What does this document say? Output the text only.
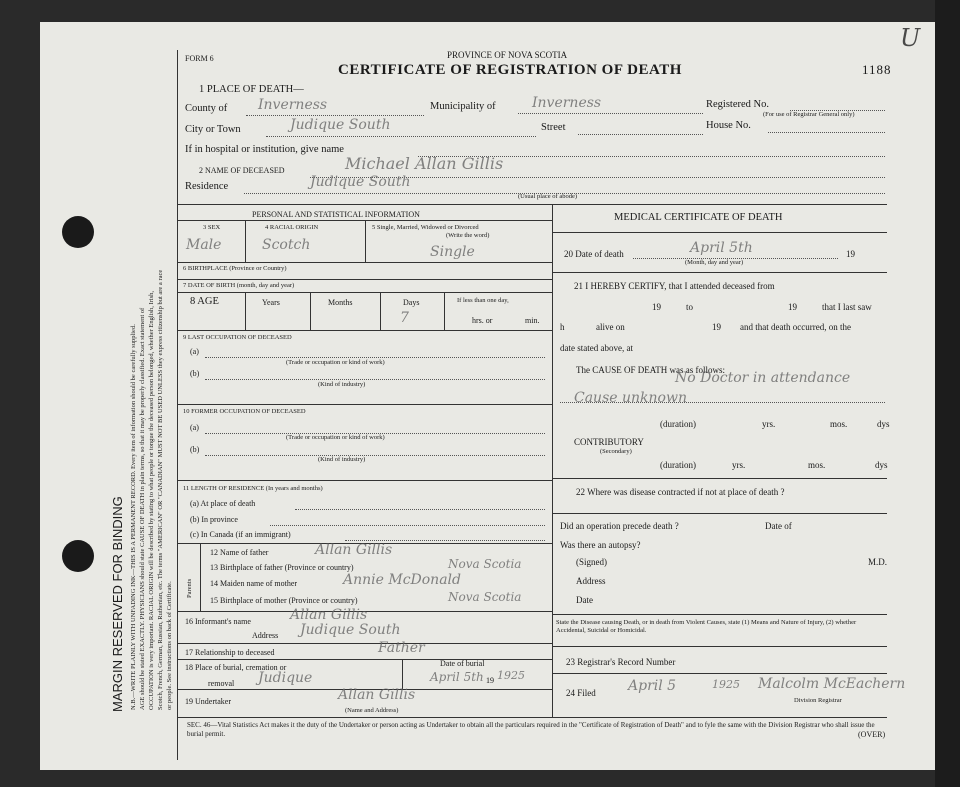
MARGIN RESERVED FOR BINDING N.B.—WRITE PLAINLY WITH UNFADING INK—THIS IS A PERMANENT RECORD. Every item of information should be carefully supplied. AGE should be stated EXACTLY. PHYSICIANS should state CAUSE OF DEATH in plain terms, so that it may be properly classified. Exact statement of OCCUPATION is very important. RACIAL ORIGIN will be described by stating to what people or tongue the deceased person belonged, whether English, Irish, Scotch, French, German, Russian, Ruthenian, etc. The terms "AMERICAN" OR "CANADIAN" MUST NOT BE USED UNLESS they express citizenship but are a race or people. See instructions on back of Certificate.
FORM 6	PROVINCE OF NOVA SCOTIA
CERTIFICATE OF REGISTRATION OF DEATH	1188
U
1 PLACE OF DEATH—
County of Inverness	Municipality of	Inverness	Registered No.
(For use of Registrar General only)
City or Town	Judique South	Street	House No.
If in hospital or institution, give name
2 NAME OF DECEASED	Michael Allan Gillis
Residence	Judique South
(Usual place of abode)
PERSONAL AND STATISTICAL INFORMATION
3 SEX
Male
4 RACIAL ORIGIN
Scotch
5 Single, Married, Widowed or Divorced
(Write the word)
Single
6 BIRTHPLACE (Province or Country)
7 DATE OF BIRTH (month, day and year)
8 AGE	Years	Months	Days
7
If less than one day,
hrs. or	min.
9 LAST OCCUPATION OF DECEASED
(a)
(Trade or occupation or kind of work)
(b)
(Kind of industry)
10 FORMER OCCUPATION OF DECEASED
(a)
(Trade or occupation or kind of work)
(b)
(Kind of industry)
11 LENGTH OF RESIDENCE (In years and months)
(a) At place of death
(b) In province
(c) In Canada (if an immigrant)
Parents
12 Name of father	Allan Gillis
13 Birthplace of father (Province or country)	Nova Scotia
14 Maiden name of mother	Annie McDonald
15 Birthplace of mother (Province or country)	Nova Scotia
16 Informant's name	Allan Gillis
Address Judique South
17 Relationship to deceased	Father
18 Place of burial, cremation or
removal Judique
Date of burial
April 5th 19 1925
19 Undertaker	Allan Gillis
(Name and Address)
MEDICAL CERTIFICATE OF DEATH
20 Date of death	April 5th	19
(Month, day and year)
21 I HEREBY CERTIFY, that I attended deceased from
19	to	19	that I last saw
h	alive on	19 and that death occurred, on the
date stated above, at
The CAUSE OF DEATH was as follows:
No Doctor in attendance
Cause unknown
(duration)	yrs.	mos.	dys
CONTRIBUTORY
(Secondary)
(duration)	yrs.	mos.	dys
22 Where was disease contracted if not at place of death ?
Did an operation precede death ?	Date of
Was there an autopsy?
(Signed)	M.D.
Address
Date
State the Disease causing Death, or in death from Violent Causes, state (1) Means and Nature of Injury, (2) whether Accidental, Suicidal or Homicidal.
23 Registrar's Record Number
24 Filed April 5	1925 Malcolm McEachern
Division Registrar
SEC. 46—Vital Statistics Act makes it the duty of the Undertaker or person acting as Undertaker to obtain all the particulars required in the "Certificate of Registration of Death" and to fyle the same with the Division Registrar who shall issue the burial permit.	(OVER)
